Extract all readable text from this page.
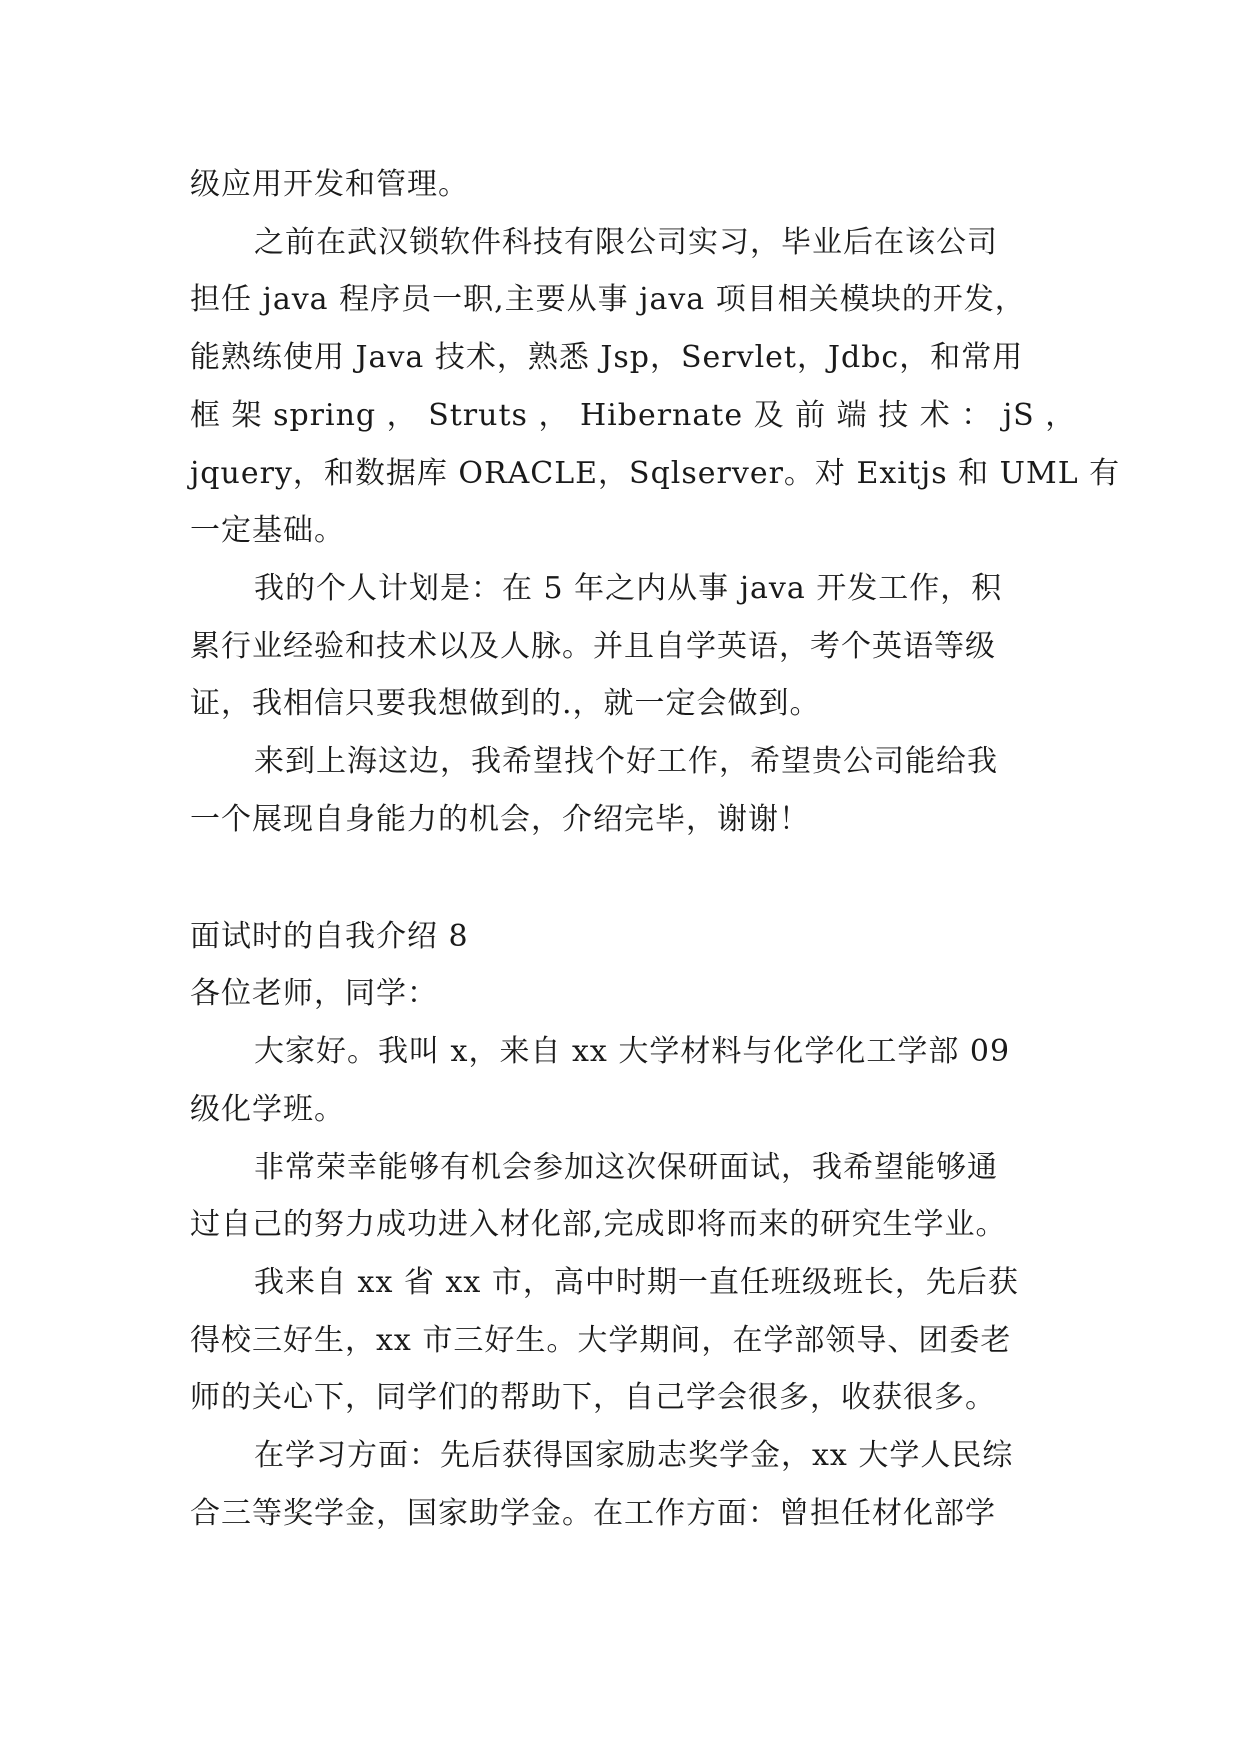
级应用开发和管理。
之前在武汉锁软件科技有限公司实习，毕业后在该公司
担任 java 程序员一职,主要从事 java 项目相关模块的开发，
能熟练使用 Java 技术，熟悉 Jsp，Servlet，Jdbc，和常用
框 架 spring ， Struts ， Hibernate 及 前 端 技 术 ： jS ，
jquery，和数据库 ORACLE，Sqlserver。对 Exitjs 和 UML 有
一定基础。
我的个人计划是：在 5 年之内从事 java 开发工作，积
累行业经验和技术以及人脉。并且自学英语，考个英语等级
证，我相信只要我想做到的.，就一定会做到。
来到上海这边，我希望找个好工作，希望贵公司能给我
一个展现自身能力的机会，介绍完毕，谢谢！
面试时的自我介绍 8
各位老师，同学：
大家好。我叫 x，来自 xx 大学材料与化学化工学部 09
级化学班。
非常荣幸能够有机会参加这次保研面试，我希望能够通
过自己的努力成功进入材化部,完成即将而来的研究生学业。
我来自 xx 省 xx 市，高中时期一直任班级班长，先后获
得校三好生，xx 市三好生。大学期间，在学部领导、团委老
师的关心下，同学们的帮助下，自己学会很多，收获很多。
在学习方面：先后获得国家励志奖学金，xx 大学人民综
合三等奖学金，国家助学金。在工作方面：曾担任材化部学
